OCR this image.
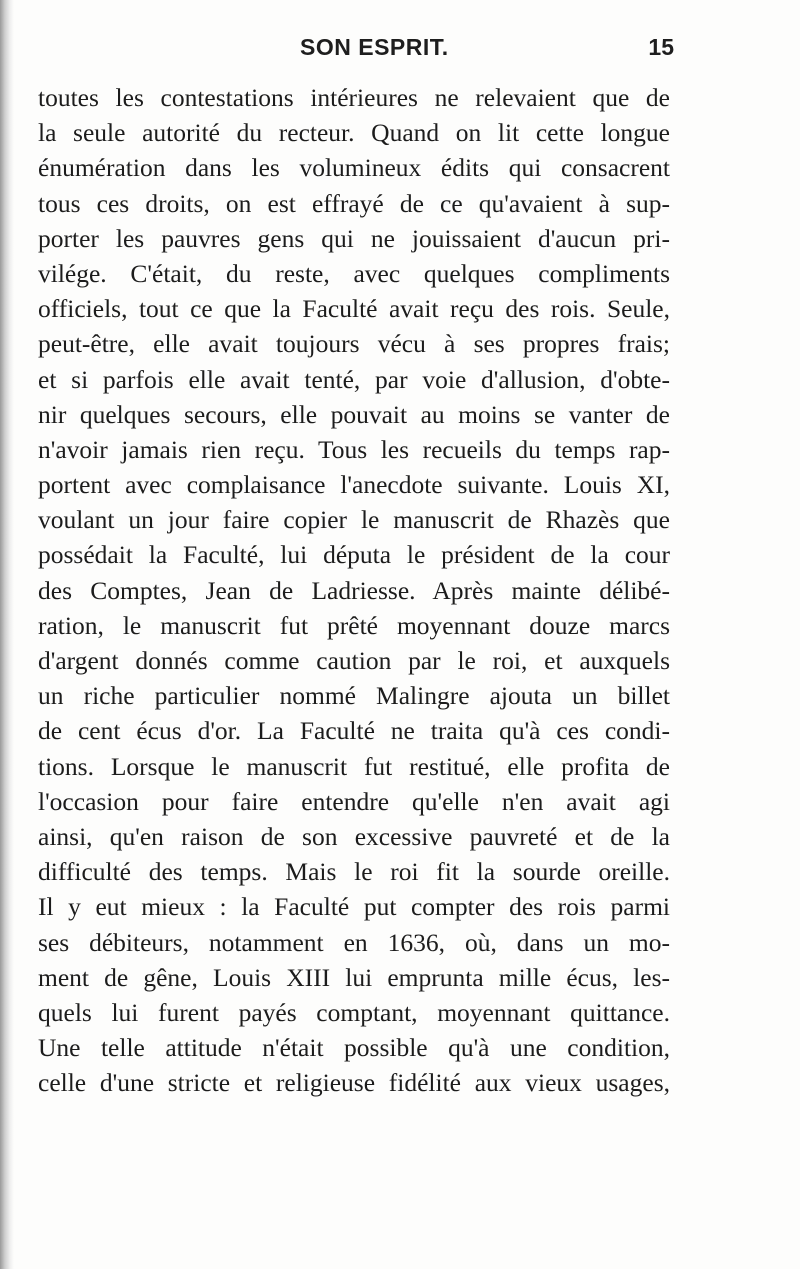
SON ESPRIT.	15
toutes les contestations intérieures ne relevaient que de
la seule autorité du recteur. Quand on lit cette longue
énumération dans les volumineux édits qui consacrent
tous ces droits, on est effrayé de ce qu'avaient à sup-
porter les pauvres gens qui ne jouissaient d'aucun pri-
vilége. C'était, du reste, avec quelques compliments
officiels, tout ce que la Faculté avait reçu des rois. Seule,
peut-être, elle avait toujours vécu à ses propres frais;
et si parfois elle avait tenté, par voie d'allusion, d'obte-
nir quelques secours, elle pouvait au moins se vanter de
n'avoir jamais rien reçu. Tous les recueils du temps rap-
portent avec complaisance l'anecdote suivante. Louis XI,
voulant un jour faire copier le manuscrit de Rhazès que
possédait la Faculté, lui députa le président de la cour
des Comptes, Jean de Ladriesse. Après mainte délibé-
ration, le manuscrit fut prêté moyennant douze marcs
d'argent donnés comme caution par le roi, et auxquels
un riche particulier nommé Malingre ajouta un billet
de cent écus d'or. La Faculté ne traita qu'à ces condi-
tions. Lorsque le manuscrit fut restitué, elle profita de
l'occasion pour faire entendre qu'elle n'en avait agi
ainsi, qu'en raison de son excessive pauvreté et de la
difficulté des temps. Mais le roi fit la sourde oreille.
Il y eut mieux : la Faculté put compter des rois parmi
ses débiteurs, notamment en 1636, où, dans un mo-
ment de gêne, Louis XIII lui emprunta mille écus, les-
quels lui furent payés comptant, moyennant quittance.
Une telle attitude n'était possible qu'à une condition,
celle d'une stricte et religieuse fidélité aux vieux usages,
